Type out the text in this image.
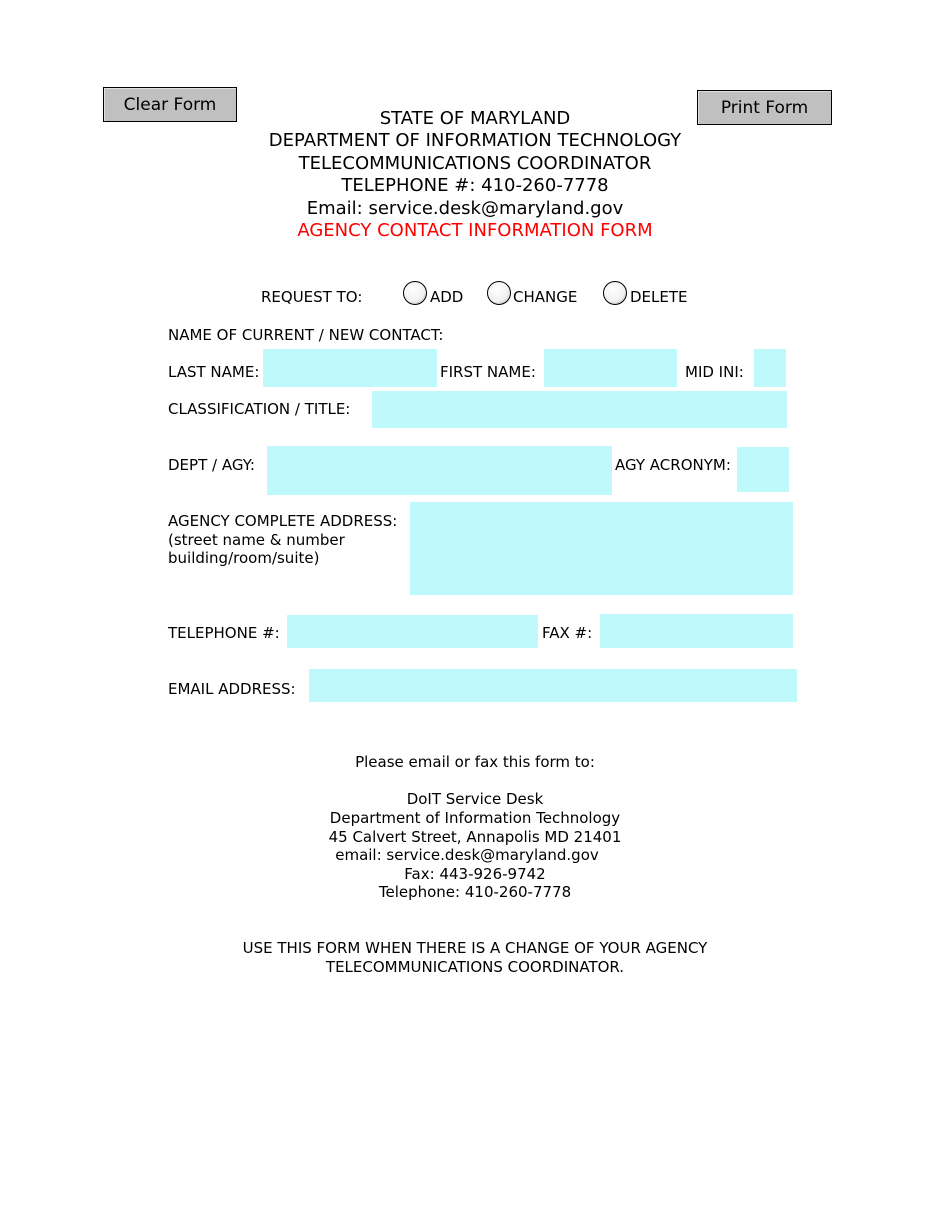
Clear Form	Print Form
STATE OF MARYLAND
DEPARTMENT OF INFORMATION TECHNOLOGY
TELECOMMUNICATIONS COORDINATOR
TELEPHONE #: 410-260-7778
Email: service.desk@maryland.gov
AGENCY CONTACT INFORMATION FORM
REQUEST TO:	ADD	CHANGE	DELETE
NAME OF CURRENT / NEW CONTACT:
LAST NAME:	FIRST NAME:	MID INI:
CLASSIFICATION / TITLE:
DEPT / AGY:	AGY ACRONYM:
AGENCY COMPLETE ADDRESS:
(street name & number
building/room/suite)
TELEPHONE #:	FAX #:
EMAIL ADDRESS:
Please email or fax this form to:
DoIT Service Desk
Department of Information Technology
45 Calvert Street, Annapolis MD 21401
email: service.desk@maryland.gov
Fax: 443-926-9742
Telephone: 410-260-7778
USE THIS FORM WHEN THERE IS A CHANGE OF YOUR AGENCY
TELECOMMUNICATIONS COORDINATOR.
